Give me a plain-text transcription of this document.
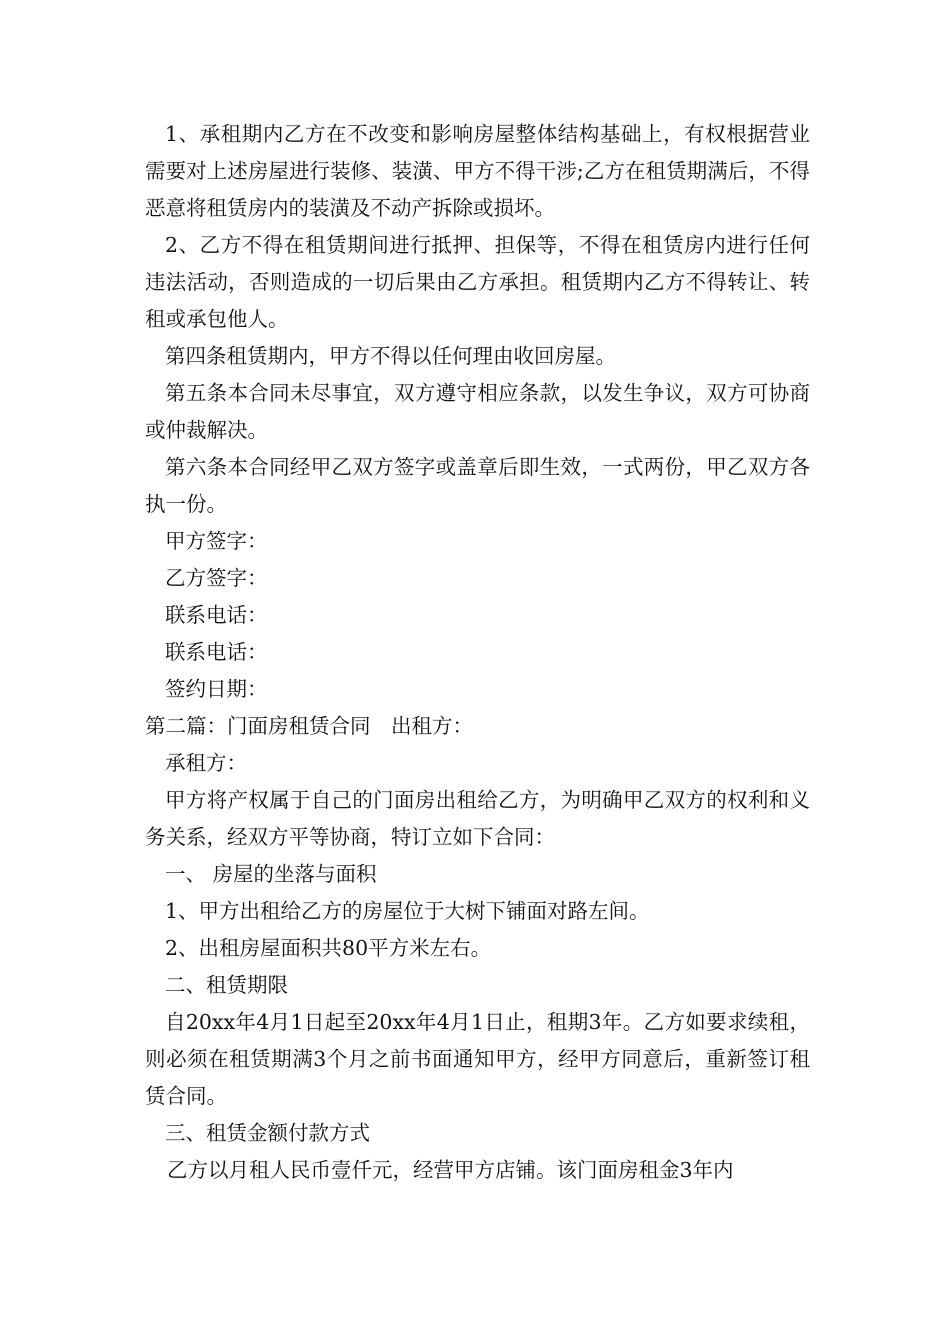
1、承租期内乙方在不改变和影响房屋整体结构基础上，有权根据营业需要对上述房屋进行装修、装潢、甲方不得干涉;乙方在租赁期满后，不得恶意将租赁房内的装潢及不动产拆除或损坏。

2、乙方不得在租赁期间进行抵押、担保等，不得在租赁房内进行任何违法活动，否则造成的一切后果由乙方承担。租赁期内乙方不得转让、转租或承包他人。

第四条租赁期内，甲方不得以任何理由收回房屋。

第五条本合同未尽事宜，双方遵守相应条款，以发生争议，双方可协商或仲裁解决。

第六条本合同经甲乙双方签字或盖章后即生效，一式两份，甲乙双方各执一份。

甲方签字：

乙方签字：

联系电话：

联系电话：

签约日期：

第二篇：门面房租赁合同　出租方：

承租方：

甲方将产权属于自己的门面房出租给乙方，为明确甲乙双方的权利和义务关系，经双方平等协商，特订立如下合同：

一、 房屋的坐落与面积

1、甲方出租给乙方的房屋位于大树下铺面对路左间。

2、出租房屋面积共80平方米左右。

二、租赁期限

自20xx年4月1日起至20xx年4月1日止，租期3年。乙方如要求续租，则必须在租赁期满3个月之前书面通知甲方，经甲方同意后，重新签订租赁合同。

三、租赁金额付款方式

乙方以月租人民币壹仟元，经营甲方店铺。该门面房租金3年内
